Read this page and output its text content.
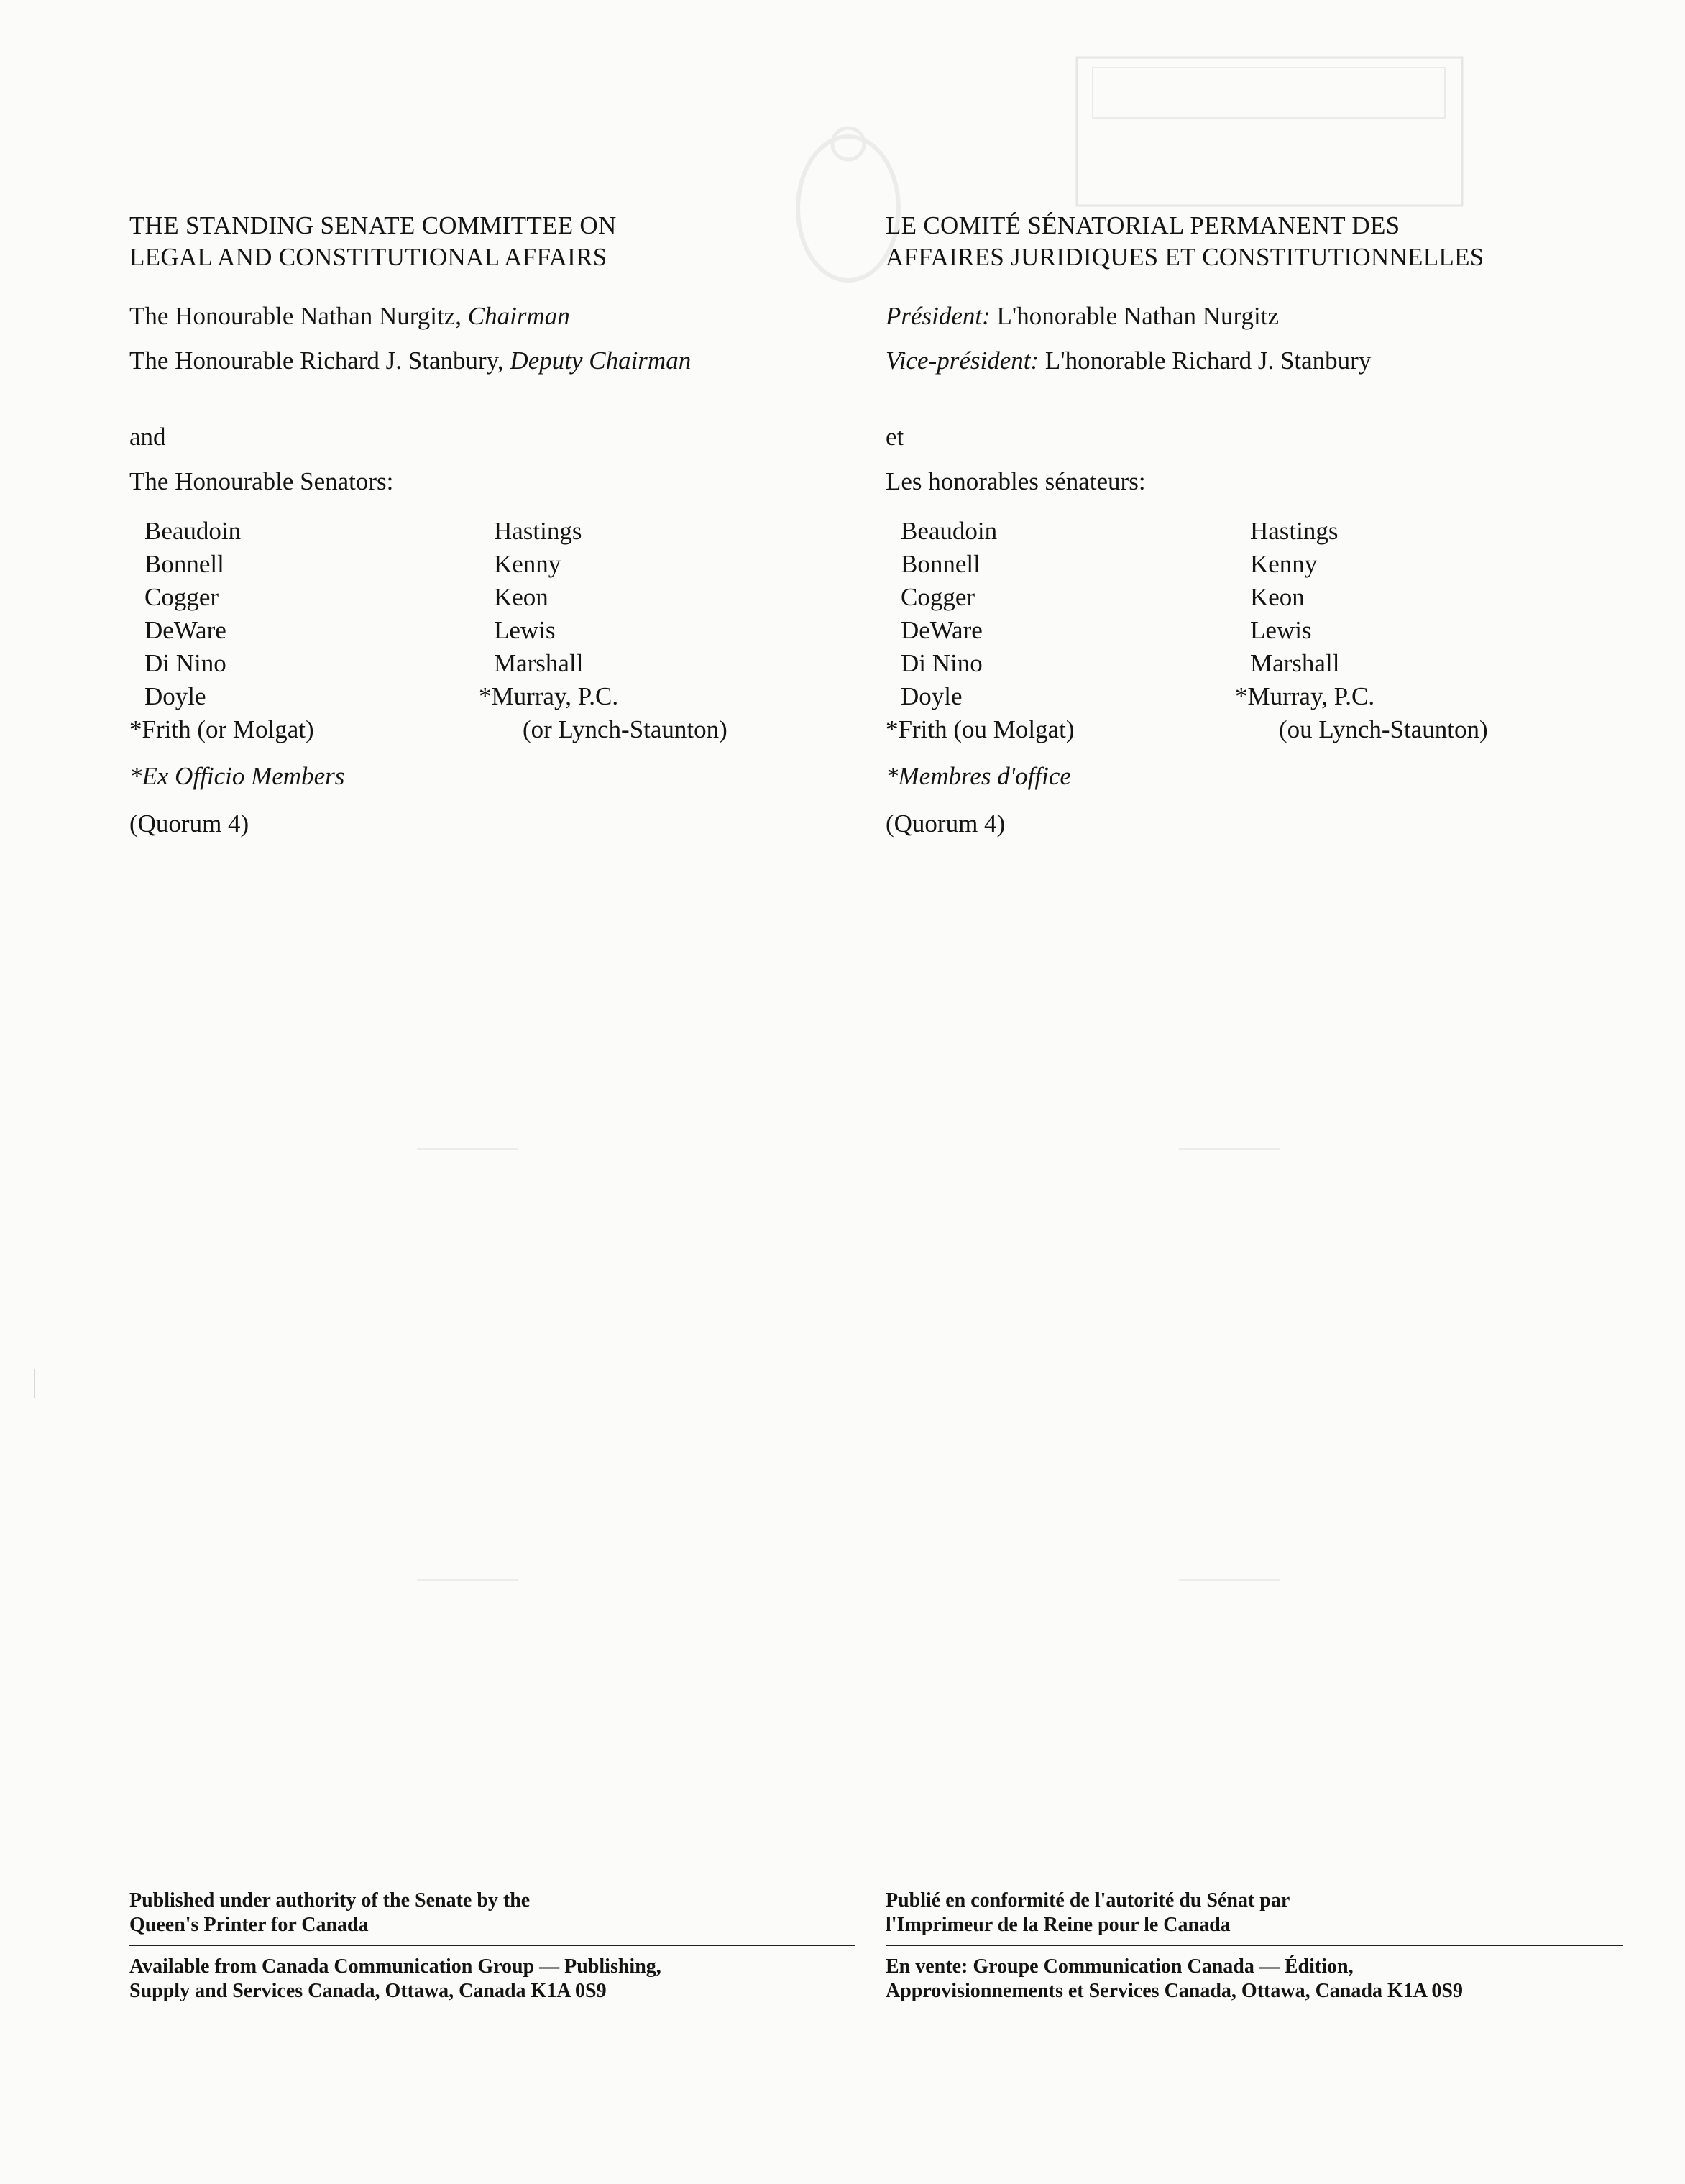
THE STANDING SENATE COMMITTEE ON
LEGAL AND CONSTITUTIONAL AFFAIRS

The Honourable Nathan Nurgitz, Chairman

The Honourable Richard J. Stanbury, Deputy Chairman

and
The Honourable Senators:
Beaudoin
Bonnell
Cogger
DeWare
Di Nino
Doyle
*Frith (or Molgat)
Hastings
Kenny
Keon
Lewis
Marshall
*Murray, P.C.
(or Lynch-Staunton)
*Ex Officio Members
(Quorum 4)

LE COMITÉ SÉNATORIAL PERMANENT DES
AFFAIRES JURIDIQUES ET CONSTITUTIONNELLES

Président: L'honorable Nathan Nurgitz

Vice-président: L'honorable Richard J. Stanbury

et
Les honorables sénateurs:
Beaudoin
Bonnell
Cogger
DeWare
Di Nino
Doyle
*Frith (ou Molgat)
Hastings
Kenny
Keon
Lewis
Marshall
*Murray, P.C.
(ou Lynch-Staunton)
*Membres d'office
(Quorum 4)
Published under authority of the Senate by the
Queen's Printer for Canada
Available from Canada Communication Group — Publishing,
Supply and Services Canada, Ottawa, Canada K1A 0S9
Publié en conformité de l'autorité du Sénat par
l'Imprimeur de la Reine pour le Canada
En vente: Groupe Communication Canada — Édition,
Approvisionnements et Services Canada, Ottawa, Canada K1A 0S9
